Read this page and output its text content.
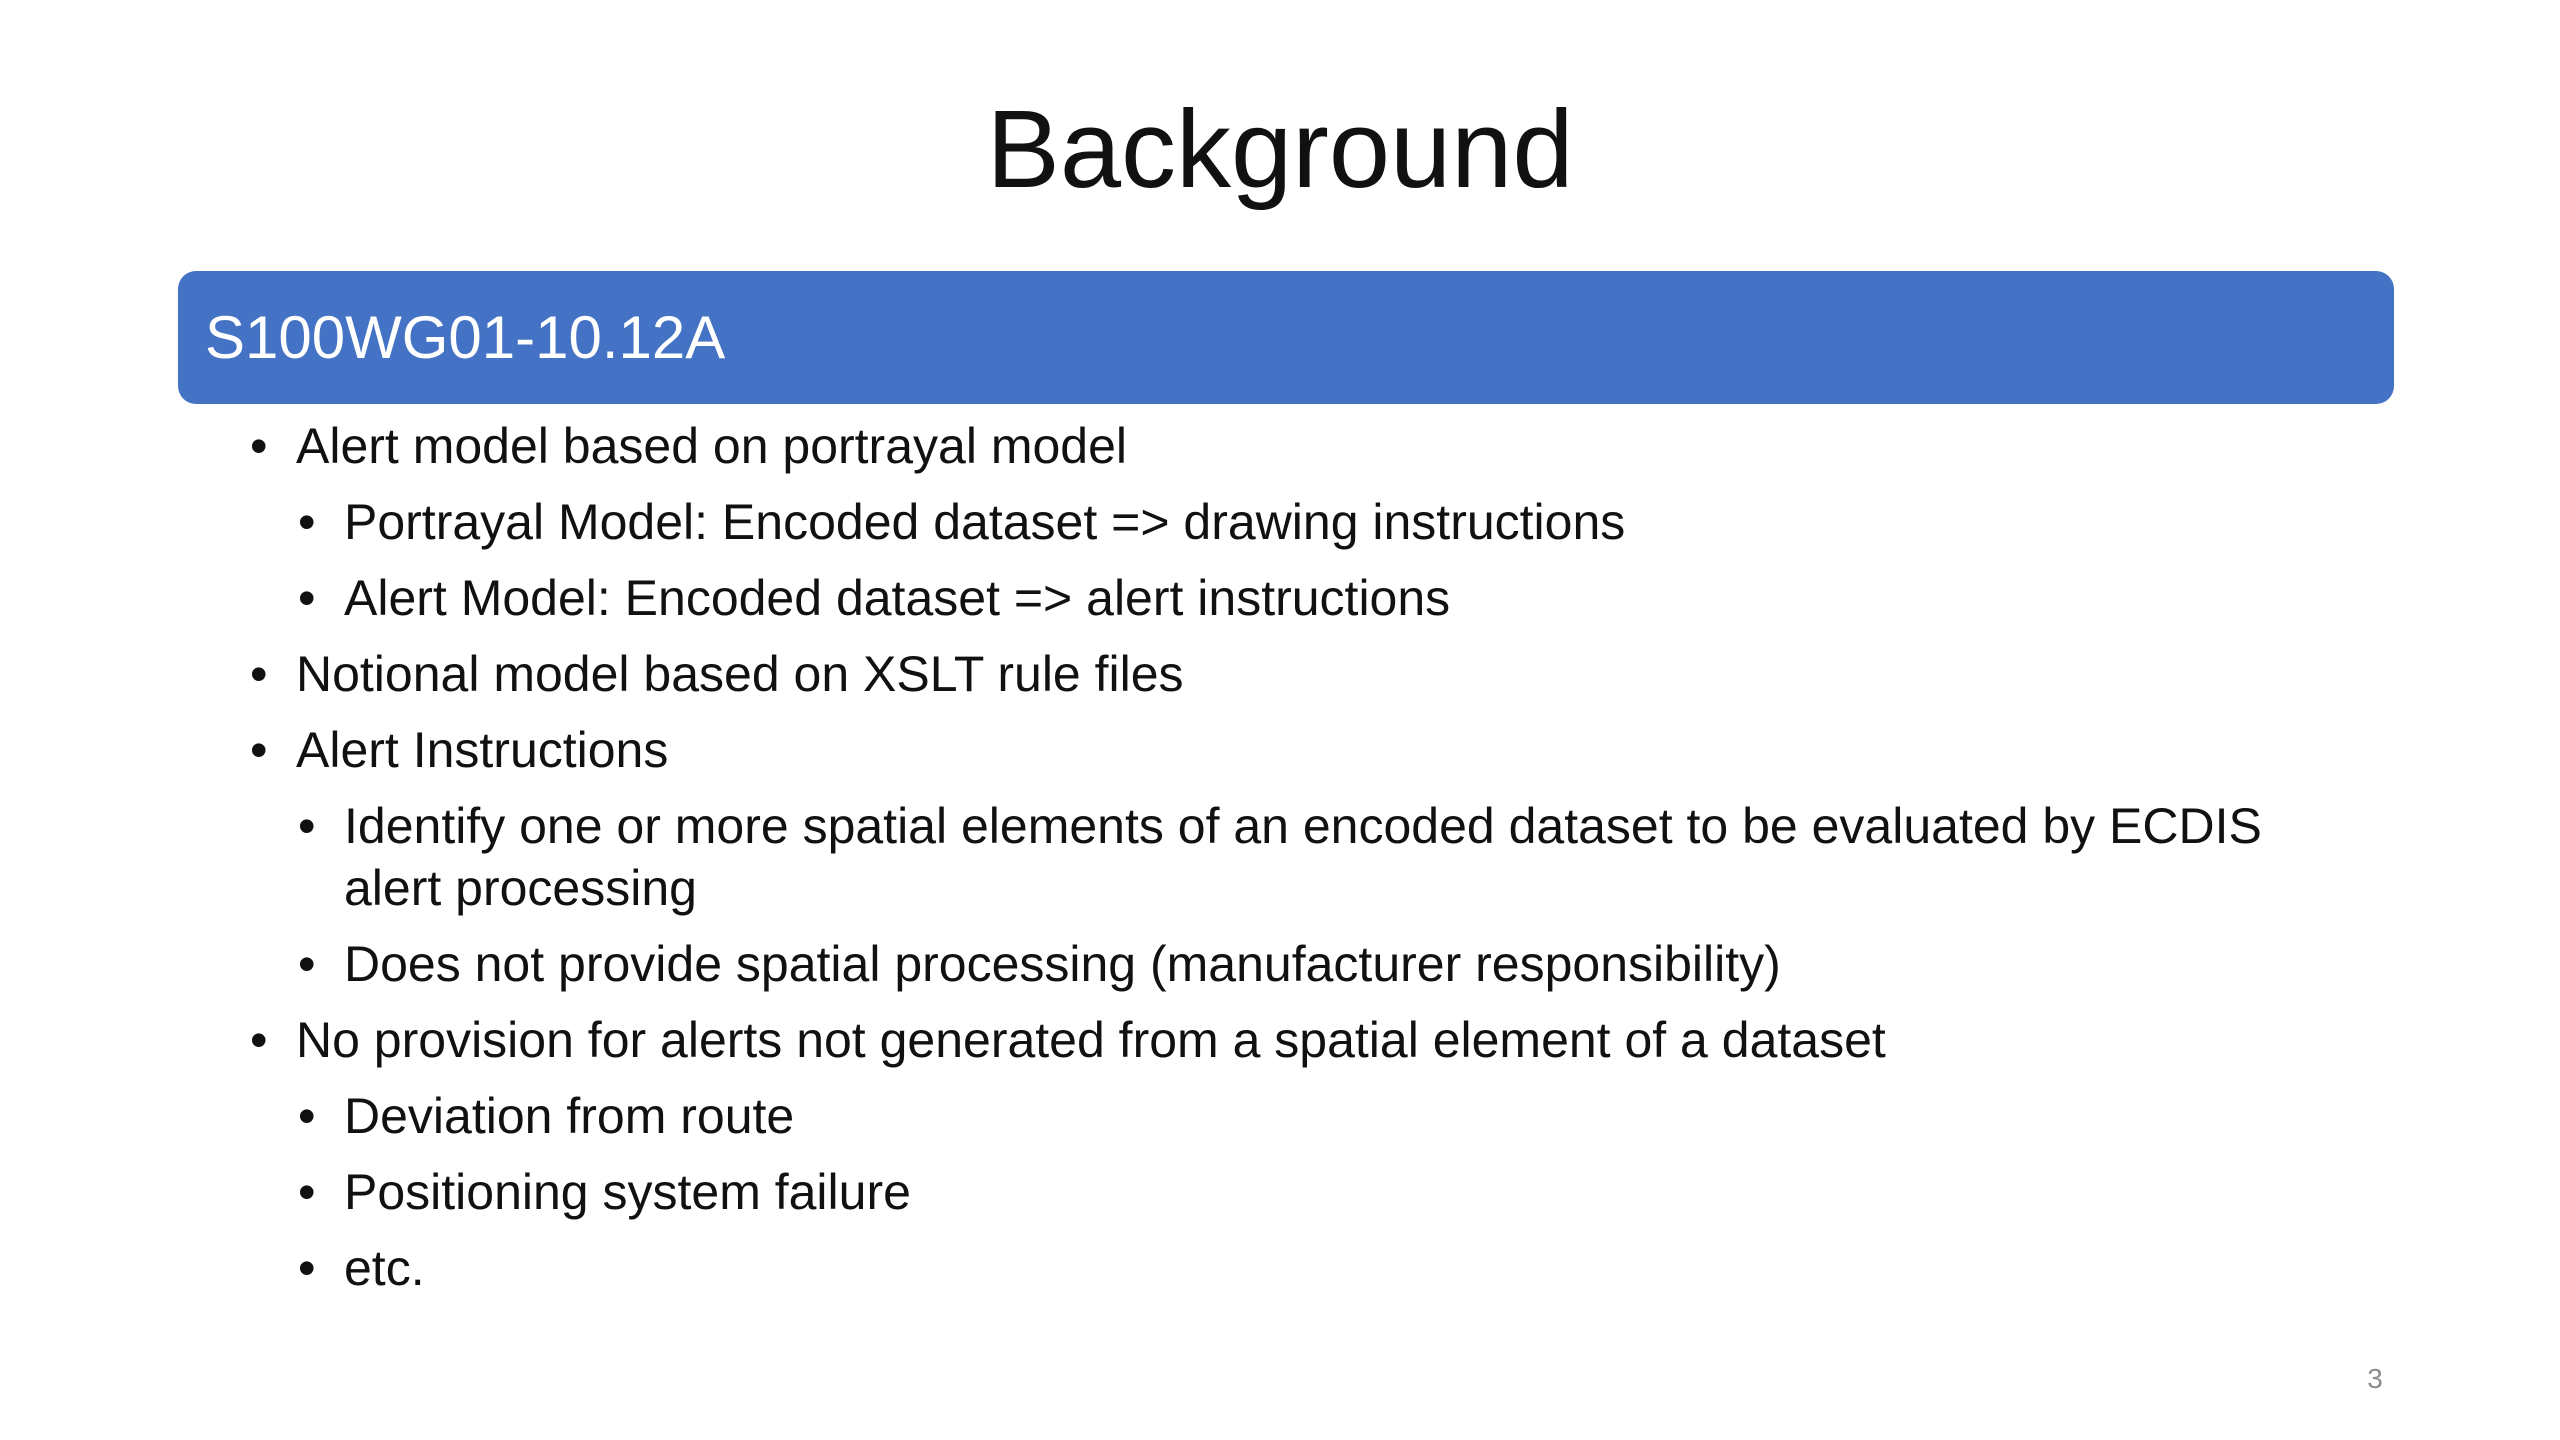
Background
S100WG01-10.12A
• Alert model based on portrayal model
• Portrayal Model: Encoded dataset => drawing instructions
• Alert Model: Encoded dataset => alert instructions
• Notional model based on XSLT rule files
• Alert Instructions
• Identify one or more spatial elements of an encoded dataset to be evaluated by ECDIS alert processing
• Does not provide spatial processing (manufacturer responsibility)
• No provision for alerts not generated from a spatial element of a dataset
• Deviation from route
• Positioning system failure
• etc.
3
